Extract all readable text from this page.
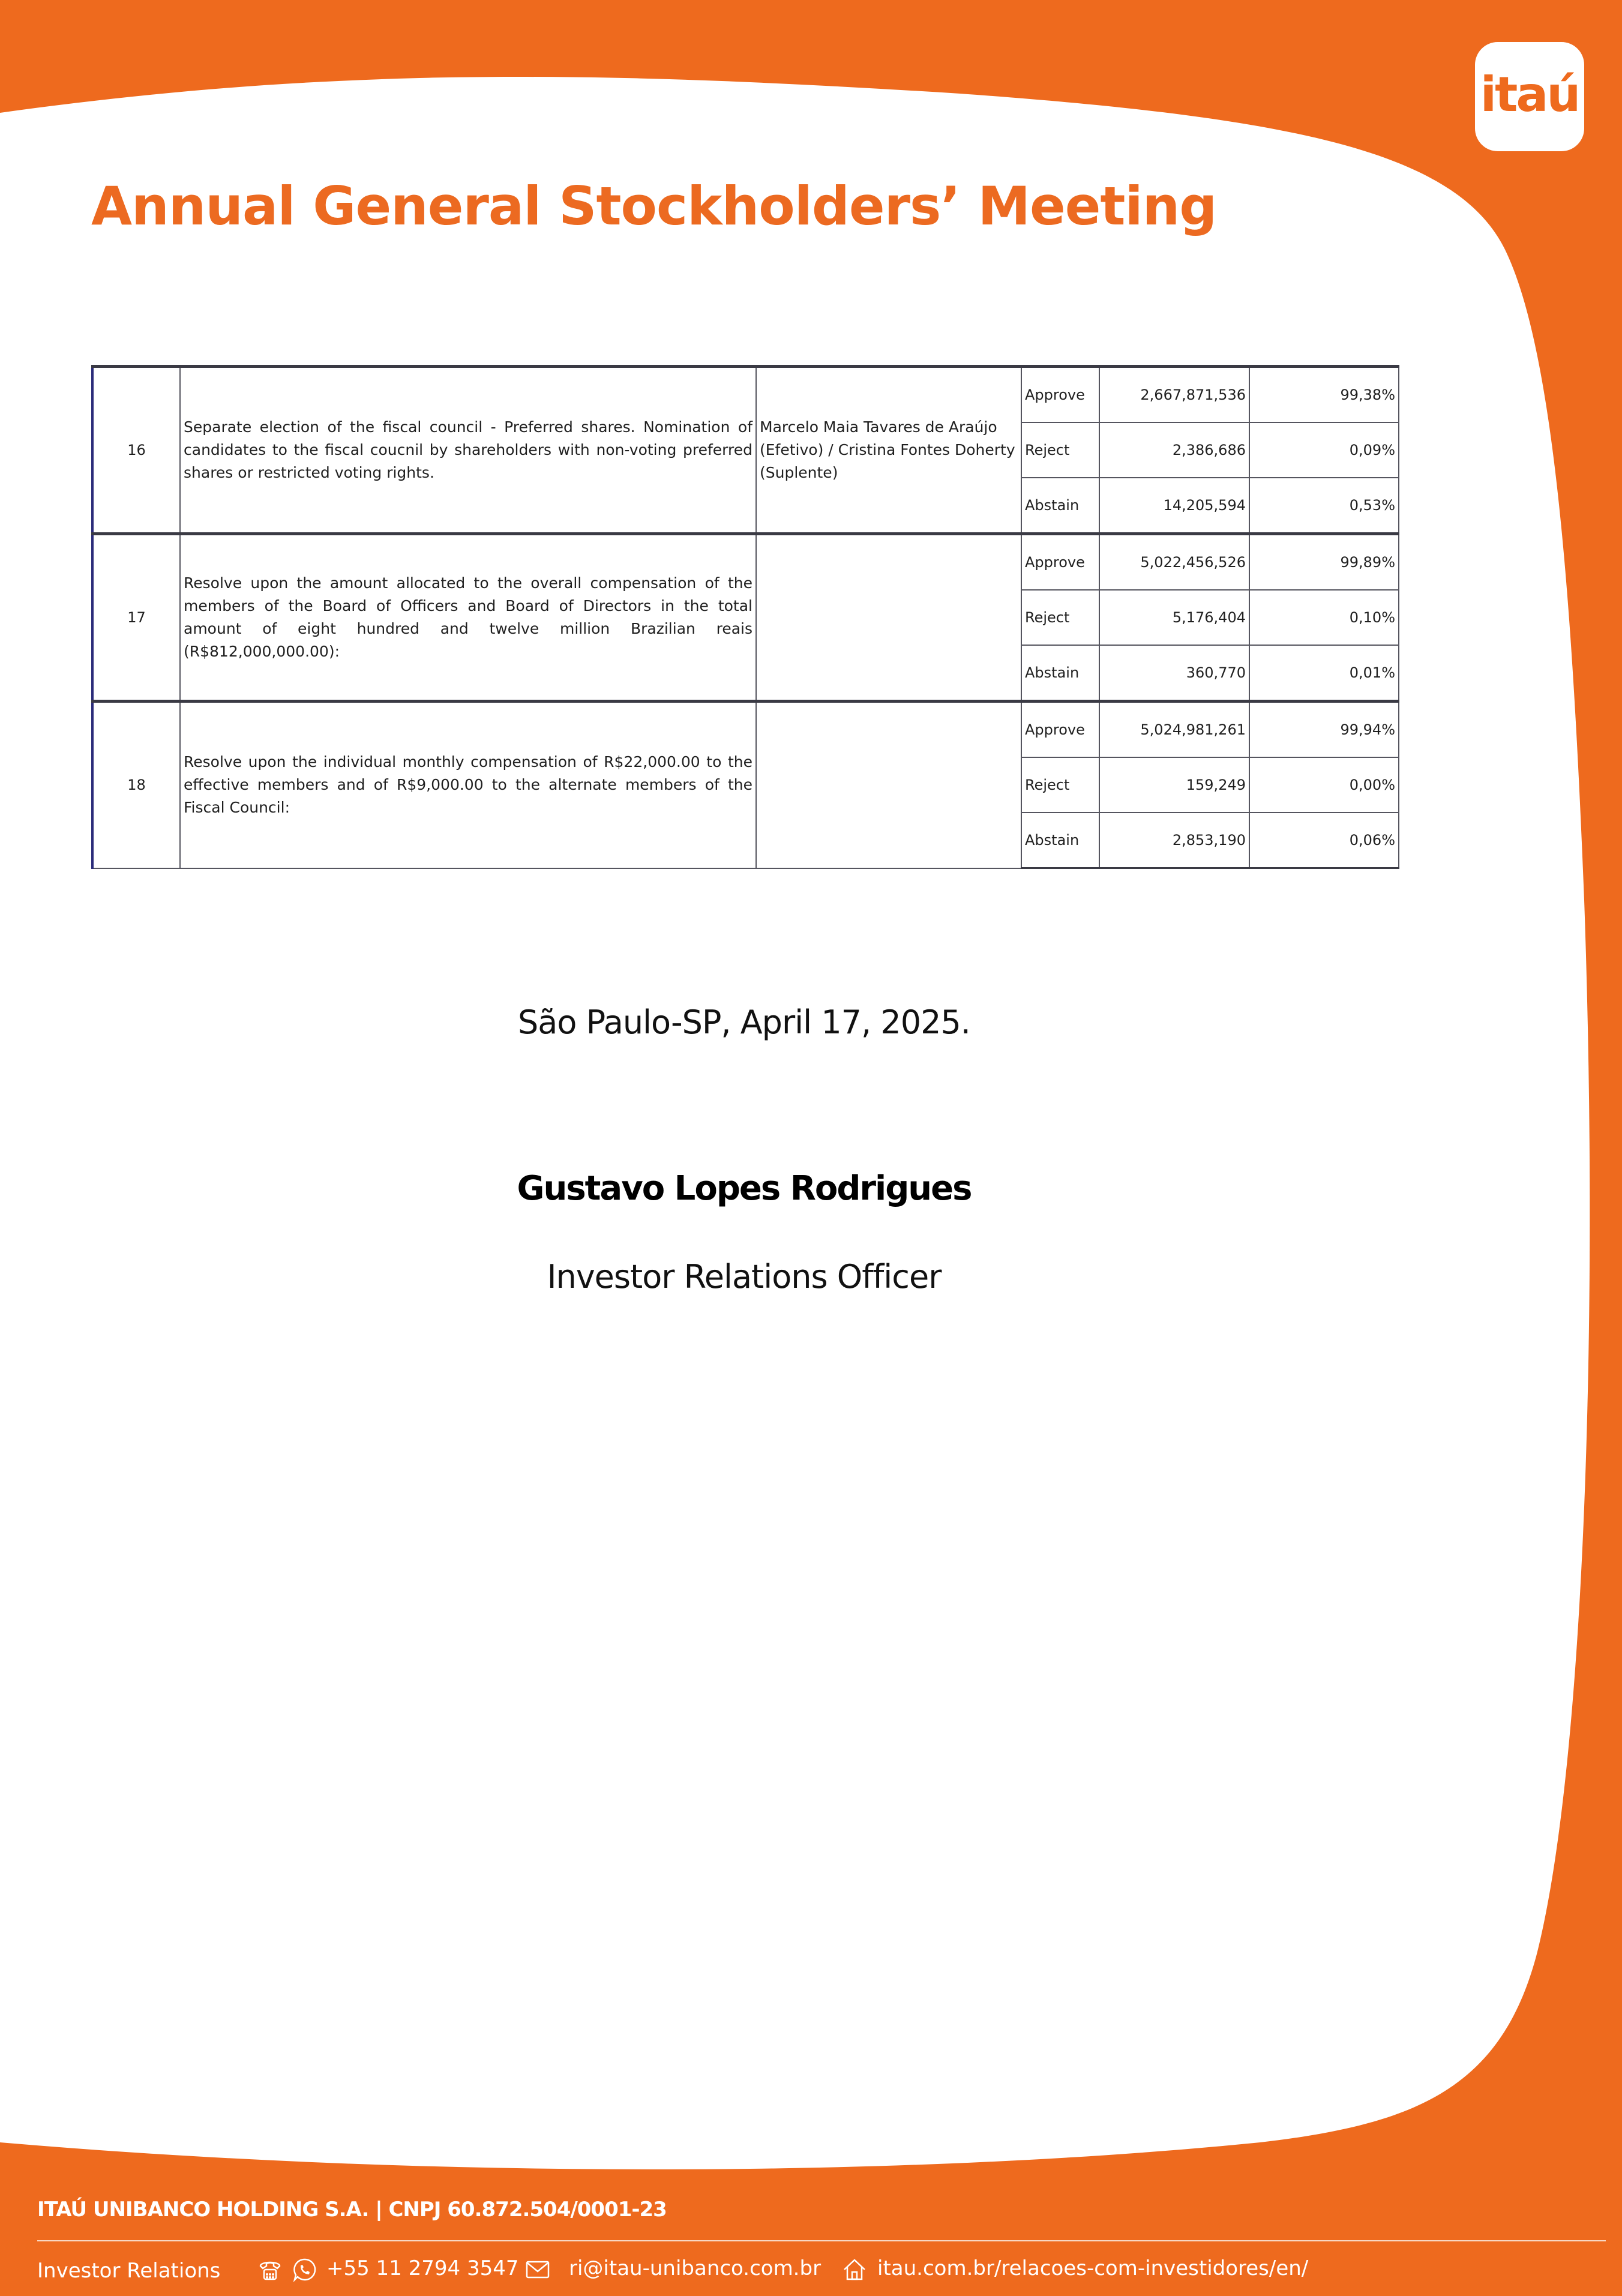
itaú
Annual General Stockholders’ Meeting
16	Separate election of the fiscal council - Preferred shares. Nomination of candidates to the fiscal coucnil by shareholders with non-voting preferred shares or restricted voting rights.	Marcelo Maia Tavares de Araújo (Efetivo) / Cristina Fontes Doherty (Suplente)	Approve	2,667,871,536	99,38%
			Reject	2,386,686	0,09%
			Abstain	14,205,594	0,53%
17	Resolve upon the amount allocated to the overall compensation of the members of the Board of Officers and Board of Directors in the total amount of eight hundred and twelve million Brazilian reais (R$812,000,000.00):		Approve	5,022,456,526	99,89%
			Reject	5,176,404	0,10%
			Abstain	360,770	0,01%
18	Resolve upon the individual monthly compensation of R$22,000.00 to the effective members and of R$9,000.00 to the alternate members of the Fiscal Council:		Approve	5,024,981,261	99,94%
			Reject	159,249	0,00%
			Abstain	2,853,190	0,06%
São Paulo-SP, April 17, 2025.
Gustavo Lopes Rodrigues
Investor Relations Officer
ITAÚ UNIBANCO HOLDING S.A. | CNPJ 60.872.504/0001-23
Investor Relations	+55 11 2794 3547 ri@itau-unibanco.com.br	itau.com.br/relacoes-com-investidores/en/
